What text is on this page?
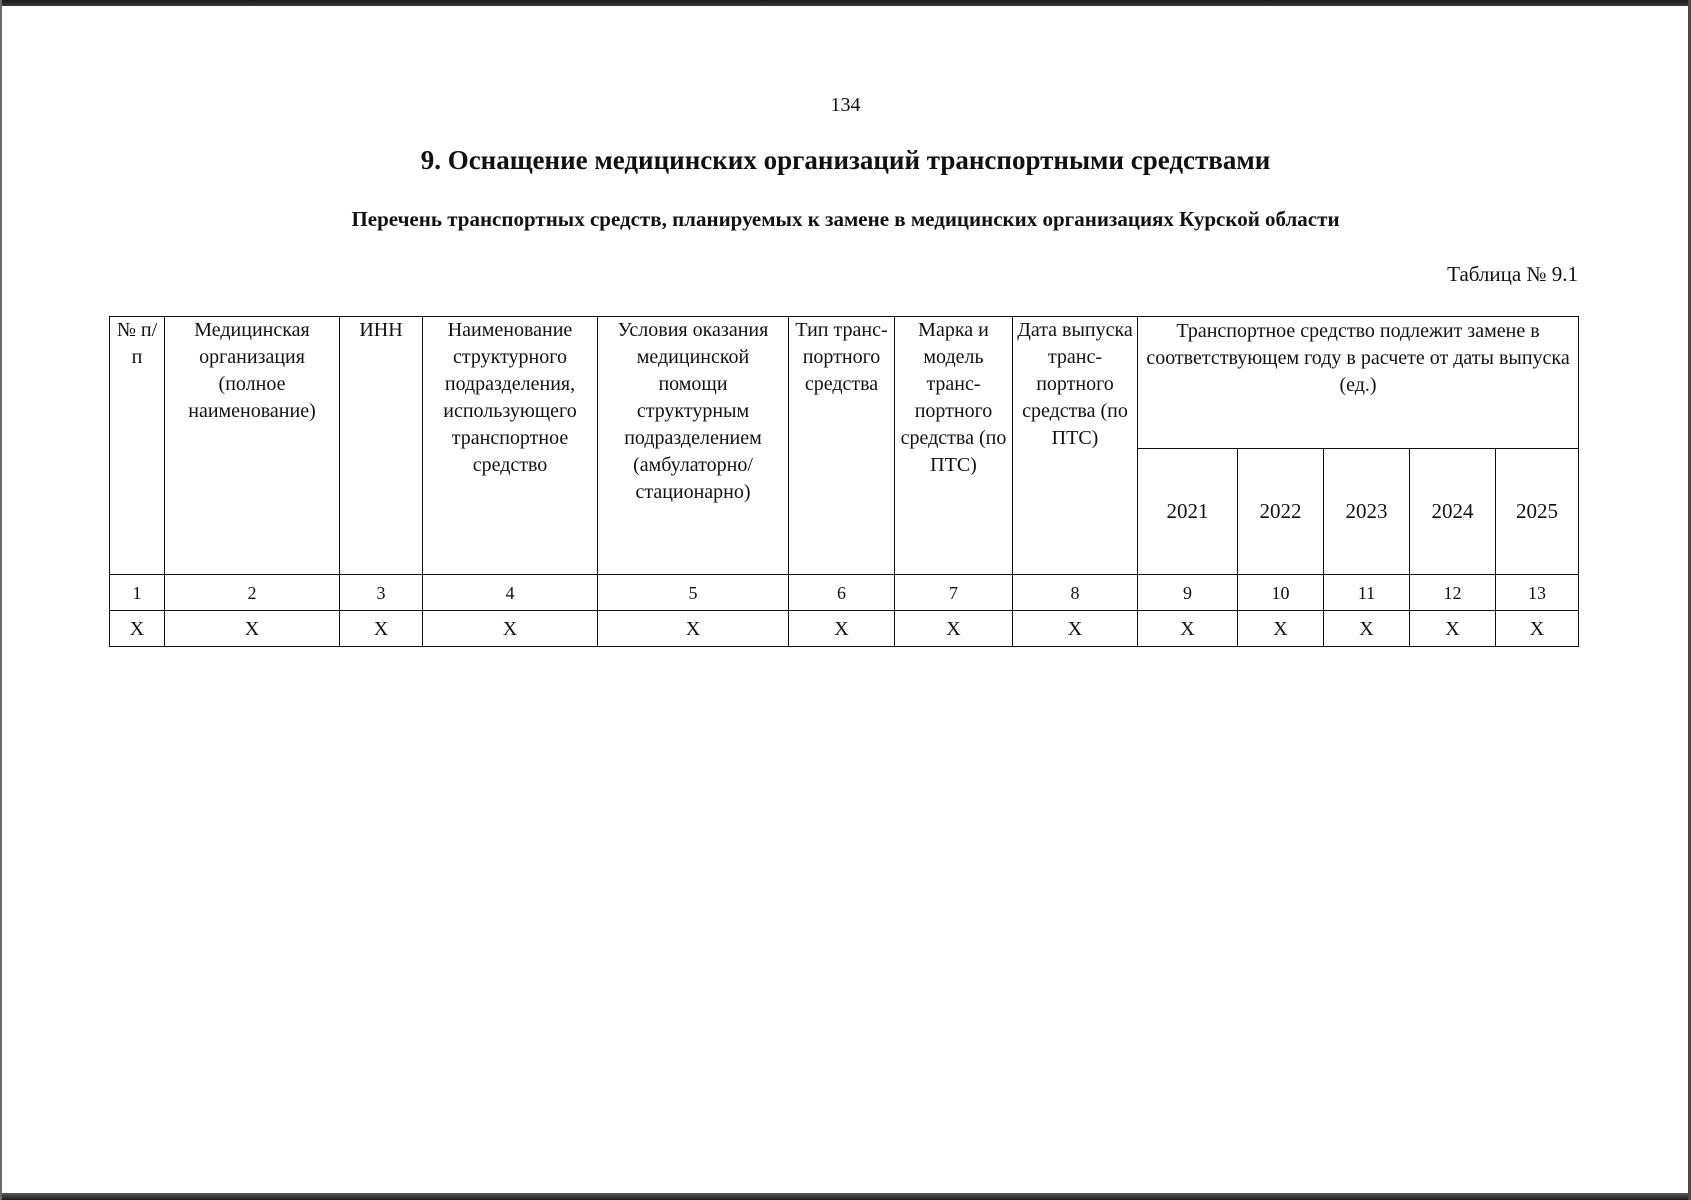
134
9. Оснащение медицинских организаций транспортными средствами
Перечень транспортных средств, планируемых к замене в медицинских организациях Курской области
Таблица № 9.1
№ п/п	Медицинская организация (полное наименование)	ИНН	Наименование структурного подразделения, использующего транспортное средство	Условия оказания медицинской помощи структурным подразделением (амбулаторно/ стационарно)	Тип транс-портного средства	Марка и модель транс-портного средства (по ПТС)	Дата выпуска транс-портного средства (по ПТС)	Транспортное средство подлежит замене в соответствующем году в расчете от даты выпуска (ед.)				
								2021	2022	2023	2024	2025
1	2	3	4	5	6	7	8	9	10	11	12	13
Х	Х	Х	Х	Х	Х	Х	Х	Х	Х	Х	Х	Х
